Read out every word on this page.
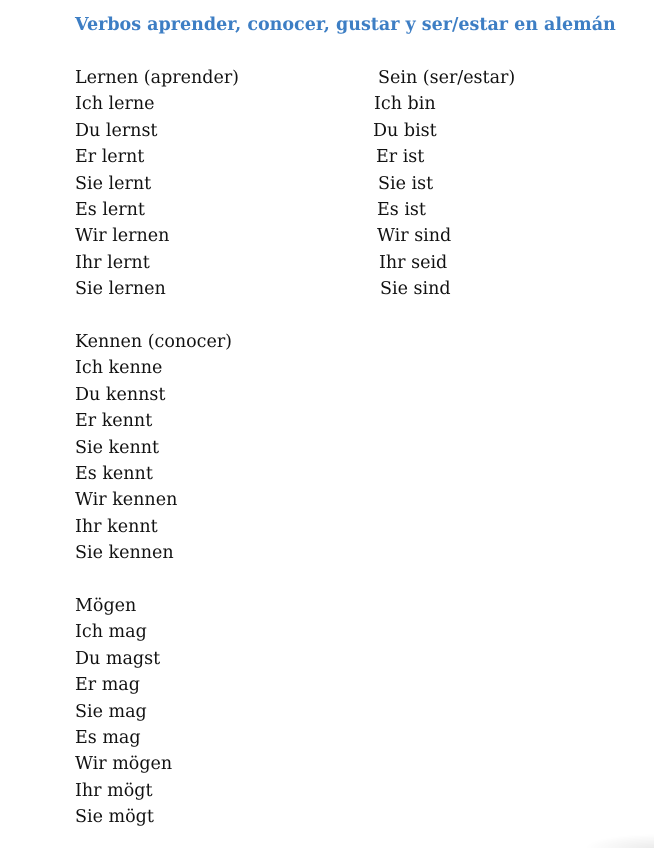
Verbos aprender, conocer, gustar y ser/estar en alemán
Lernen (aprender)
Ich lerne
Du lernst
Er lernt
Sie lernt
Es lernt
Wir lernen
Ihr lernt
Sie lernen
Sein (ser/estar)
Ich bin
Du bist
Er ist
Sie ist
Es ist
Wir sind
Ihr seid
Sie sind
Kennen (conocer)
Ich kenne
Du kennst
Er kennt
Sie kennt
Es kennt
Wir kennen
Ihr kennt
Sie kennen
Mögen
Ich mag
Du magst
Er mag
Sie mag
Es mag
Wir mögen
Ihr mögt
Sie mögt
